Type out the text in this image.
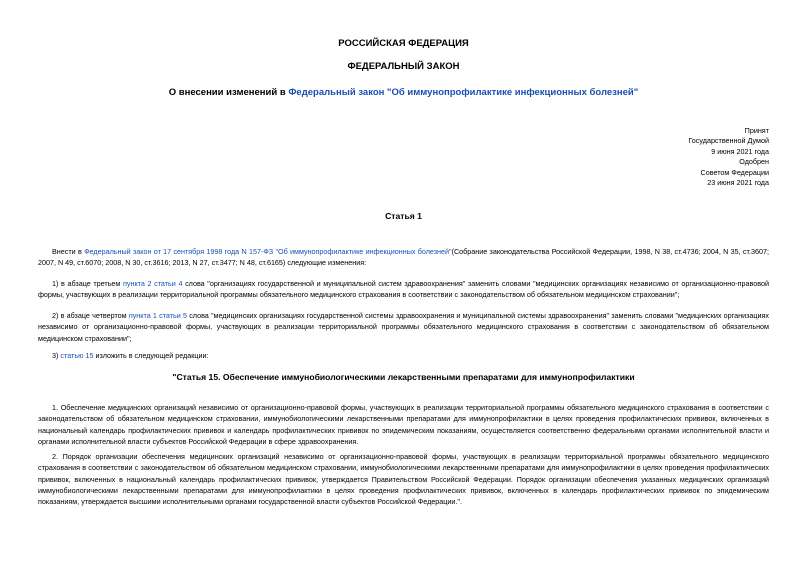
РОССИЙСКАЯ ФЕДЕРАЦИЯ
ФЕДЕРАЛЬНЫЙ ЗАКОН
О внесении изменений в Федеральный закон "Об иммунопрофилактике инфекционных болезней"
Принят
Государственной Думой
9 июня 2021 года
Одобрен
Советом Федерации
23 июня 2021 года
Статья 1
Внести в Федеральный закон от 17 сентября 1998 года N 157-ФЗ "Об иммунопрофилактике инфекционных болезней"(Собрание законодательства Российской Федерации, 1998, N 38, ст.4736; 2004, N 35, ст.3607; 2007, N 49, ст.6070; 2008, N 30, ст.3616; 2013, N 27, ст.3477; N 48, ст.6165) следующие изменения:
1) в абзаце третьем пункта 2 статьи 4 слова "организациях государственной и муниципальной систем здравоохранения" заменить словами "медицинских организациях независимо от организационно-правовой формы, участвующих в реализации территориальной программы обязательного медицинского страхования в соответствии с законодательством об обязательном медицинском страховании";
2) в абзаце четвертом пункта 1 статьи 5 слова "медицинских организациях государственной системы здравоохранения и муниципальной системы здравоохранения" заменить словами "медицинских организациях независимо от организационно-правовой формы, участвующих в реализации территориальной программы обязательного медицинского страхования в соответствии с законодательством об обязательном медицинском страховании";
3) статью 15 изложить в следующей редакции:
"Статья 15. Обеспечение иммунобиологическими лекарственными препаратами для иммунопрофилактики
1. Обеспечение медицинских организаций независимо от организационно-правовой формы, участвующих в реализации территориальной программы обязательного медицинского страхования в соответствии с законодательством об обязательном медицинском страховании, иммунобиологическими лекарственными препаратами для иммунопрофилактики в целях проведения профилактических прививок, включенных в национальный календарь профилактических прививок и календарь профилактических прививок по эпидемическим показаниям, осуществляется соответственно федеральными органами исполнительной власти и органами исполнительной власти субъектов Российской Федерации в сфере здравоохранения.
2. Порядок организации обеспечения медицинских организаций независимо от организационно-правовой формы, участвующих в реализации территориальной программы обязательного медицинского страхования в соответствии с законодательством об обязательном медицинском страховании, иммунобиологическими лекарственными препаратами для иммунопрофилактики в целях проведения профилактических прививок, включенных в национальный календарь профилактических прививок, утверждается Правительством Российской Федерации. Порядок организации обеспечения указанных медицинских организаций иммунобиологическими лекарственными препаратами для иммунопрофилактики в целях проведения профилактических прививок, включенных в календарь профилактических прививок по эпидемическим показаниям, утверждается высшими исполнительными органами государственной власти субъектов Российской Федерации.".
